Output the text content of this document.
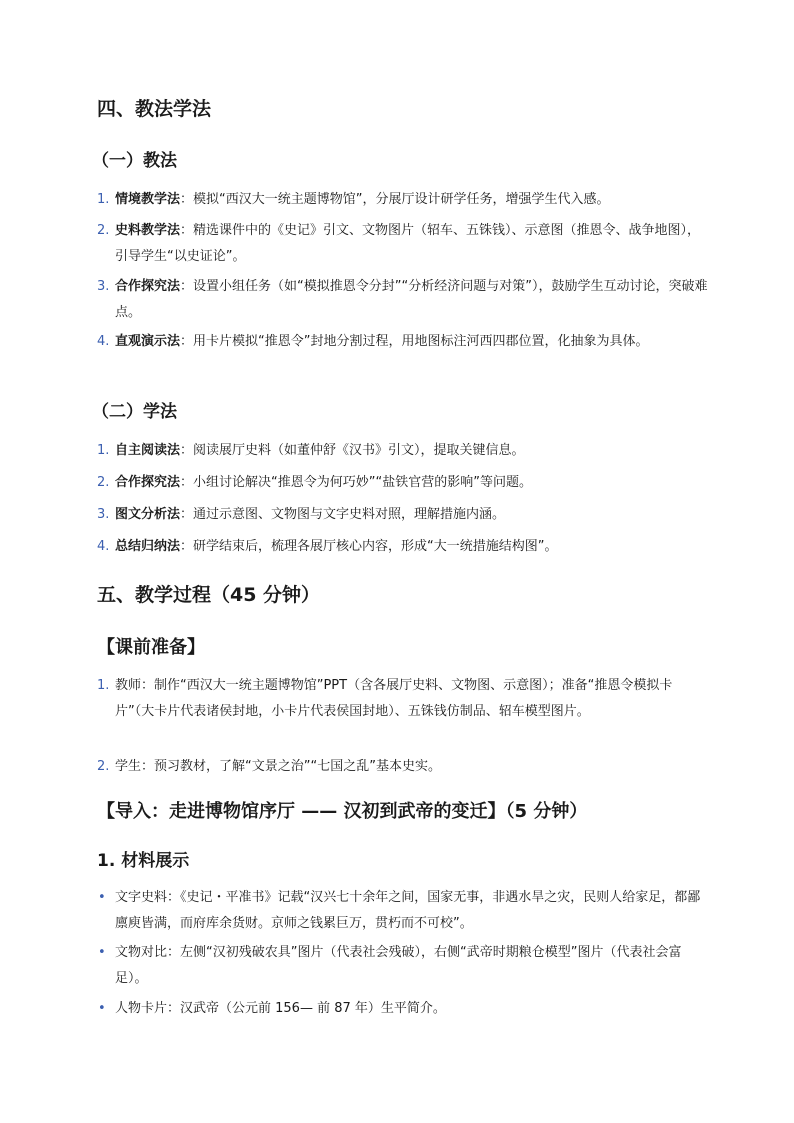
四、教法学法
（一）教法
1. 情境教学法：模拟“西汉大一统主题博物馆”，分展厅设计研学任务，增强学生代入感。
2. 史料教学法：精选课件中的《史记》引文、文物图片（轺车、五铢钱）、示意图（推恩令、战争地图），引导学生“以史证论”。
3. 合作探究法：设置小组任务（如“模拟推恩令分封”“分析经济问题与对策”），鼓励学生互动讨论，突破难点。
4. 直观演示法：用卡片模拟“推恩令”封地分割过程，用地图标注河西四郡位置，化抽象为具体。
（二）学法
1. 自主阅读法：阅读展厅史料（如董仲舒《汉书》引文），提取关键信息。
2. 合作探究法：小组讨论解决“推恩令为何巧妙”“盐铁官营的影响”等问题。
3. 图文分析法：通过示意图、文物图与文字史料对照，理解措施内涵。
4. 总结归纳法：研学结束后，梳理各展厅核心内容，形成“大一统措施结构图”。
五、教学过程（45 分钟）
【课前准备】
1. 教师：制作“西汉大一统主题博物馆”PPT（含各展厅史料、文物图、示意图）；准备“推恩令模拟卡片”（大卡片代表诸侯封地，小卡片代表侯国封地）、五铢钱仿制品、轺车模型图片。
2. 学生：预习教材，了解“文景之治”“七国之乱”基本史实。
【导入：走进博物馆序厅 —— 汉初到武帝的变迁】（5 分钟）
1. 材料展示
• 文字史料：《史记・平准书》记载“汉兴七十余年之间，国家无事，非遇水旱之灾，民则人给家足，都鄙廪庾皆满，而府库余货财。京师之钱累巨万，贯朽而不可校”。
• 文物对比：左侧“汉初残破农具”图片（代表社会残破），右侧“武帝时期粮仓模型”图片（代表社会富足）。
• 人物卡片：汉武帝（公元前 156— 前 87 年）生平简介。
